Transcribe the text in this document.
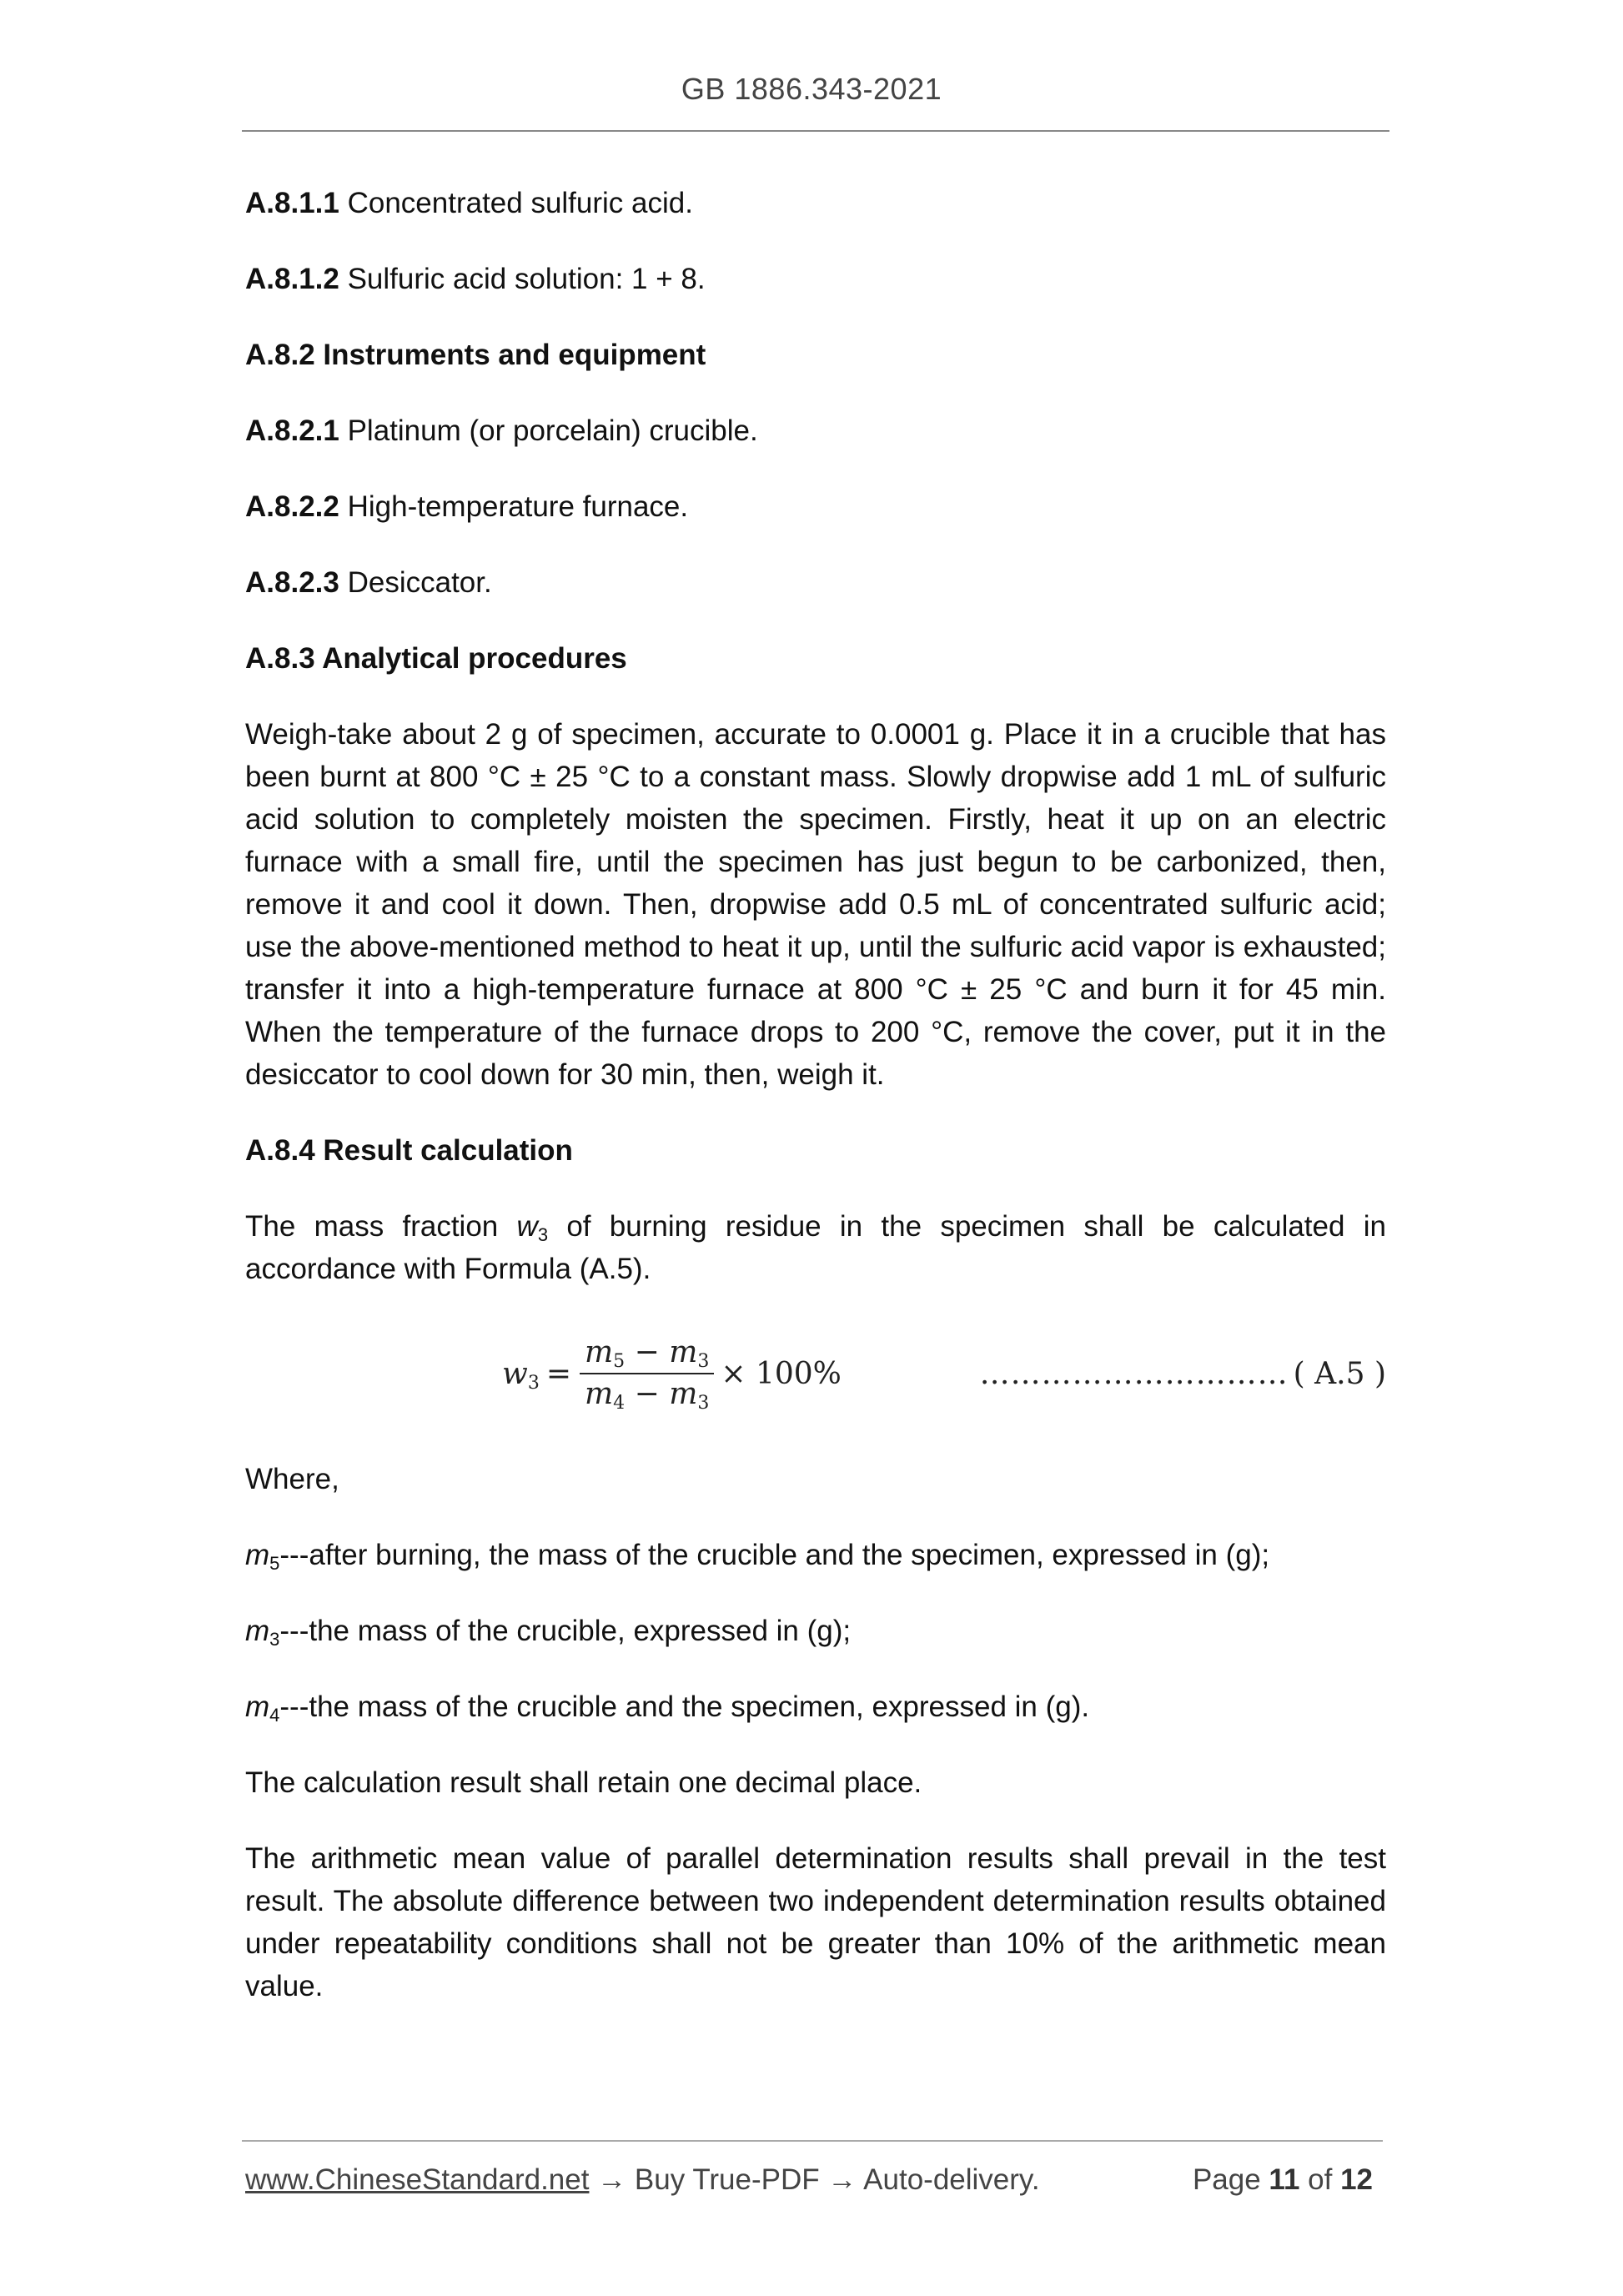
GB 1886.343-2021

A.8.1.1 Concentrated sulfuric acid.

A.8.1.2 Sulfuric acid solution: 1 + 8.

A.8.2 Instruments and equipment

A.8.2.1 Platinum (or porcelain) crucible.

A.8.2.2 High-temperature furnace.

A.8.2.3 Desiccator.

A.8.3 Analytical procedures

Weigh-take about 2 g of specimen, accurate to 0.0001 g. Place it in a crucible that has been burnt at 800 °C ± 25 °C to a constant mass. Slowly dropwise add 1 mL of sulfuric acid solution to completely moisten the specimen. Firstly, heat it up on an electric furnace with a small fire, until the specimen has just begun to be carbonized, then, remove it and cool it down. Then, dropwise add 0.5 mL of concentrated sulfuric acid; use the above-mentioned method to heat it up, until the sulfuric acid vapor is exhausted; transfer it into a high-temperature furnace at 800 °C ± 25 °C and burn it for 45 min. When the temperature of the furnace drops to 200 °C, remove the cover, put it in the desiccator to cool down for 30 min, then, weigh it.

A.8.4 Result calculation

The mass fraction $w_3$ of burning residue in the specimen shall be calculated in accordance with Formula (A.5).

$w_3 = \frac{m_5 - m_3}{m_4 - m_3} \times 100\%$	………………………… ( A.5 )

Where,

$m_5--$-after burning, the mass of the crucible and the specimen, expressed in (g);

$m_3--$-the mass of the crucible, expressed in (g);

$m_4--$-the mass of the crucible and the specimen, expressed in (g).

The calculation result shall retain one decimal place.

The arithmetic mean value of parallel determination results shall prevail in the test result. The absolute difference between two independent determination results obtained under repeatability conditions shall not be greater than 10% of the arithmetic mean value.

www.ChineseStandard.net → Buy True-PDF → Auto-delivery.	Page 11 of 12
